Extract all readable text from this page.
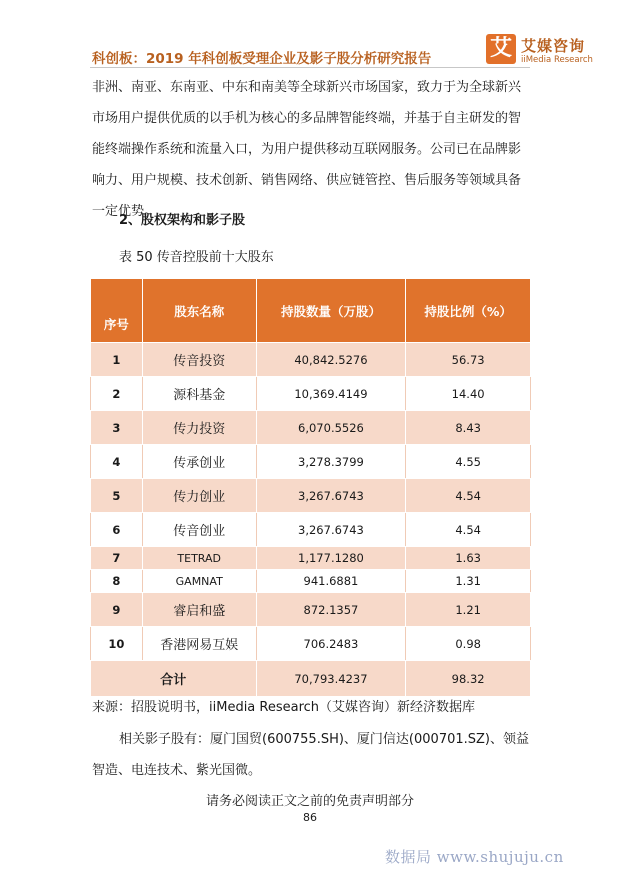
科创板：2019 年科创板受理企业及影子股分析研究报告	艾 艾媒咨询
iiMedia Research

非洲、南亚、东南亚、中东和南美等全球新兴市场国家，致力于为全球新兴市场用户提供优质的以手机为核心的多品牌智能终端，并基于自主研发的智能终端操作系统和流量入口，为用户提供移动互联网服务。公司已在品牌影响力、用户规模、技术创新、销售网络、供应链管控、售后服务等领域具备一定优势。

2、股权架构和影子股
表 50 传音控股前十大股东
序号	股东名称	持股数量（万股）	持股比例（%）
1	传音投资	40,842.5276	56.73
2	源科基金	10,369.4149	14.40
3	传力投资	6,070.5526	8.43
4	传承创业	3,278.3799	4.55
5	传力创业	3,267.6743	4.54
6	传音创业	3,267.6743	4.54
7	TETRAD	1,177.1280	1.63
8	GAMNAT	941.6881	1.31
9	睿启和盛	872.1357	1.21
10	香港网易互娱	706.2483	0.98
合计		70,793.4237	98.32
来源：招股说明书，iiMedia Research（艾媒咨询）新经济数据库

相关影子股有：厦门国贸(600755.SH)、厦门信达(000701.SZ)、领益智造、电连技术、紫光国微。

请务必阅读正文之前的免责声明部分
86
数据局 www.shujuju.cn
